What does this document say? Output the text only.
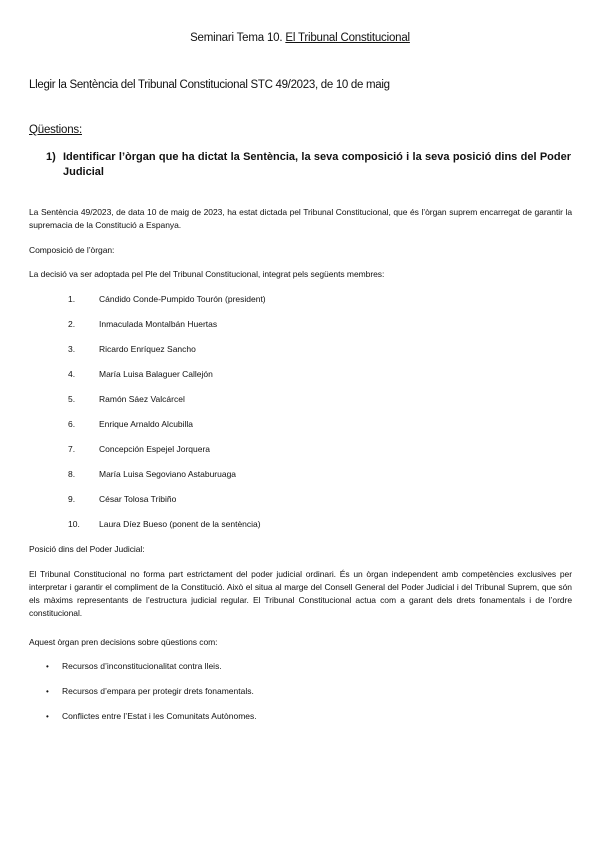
Seminari Tema 10. El Tribunal Constitucional
Llegir la Sentència del Tribunal Constitucional STC 49/2023, de 10 de maig
Qüestions:
1) Identificar l’òrgan que ha dictat la Sentència, la seva composició i la seva posició dins del Poder Judicial
La Sentència 49/2023, de data 10 de maig de 2023, ha estat dictada pel Tribunal Constitucional, que és l’òrgan suprem encarregat de garantir la supremacia de la Constitució a Espanya.
Composició de l’òrgan:
La decisió va ser adoptada pel Ple del Tribunal Constitucional, integrat pels següents membres:
1.	Cándido Conde-Pumpido Tourón (president)
2.	Inmaculada Montalbán Huertas
3.	Ricardo Enríquez Sancho
4.	María Luisa Balaguer Callejón
5.	Ramón Sáez Valcárcel
6.	Enrique Arnaldo Alcubilla
7.	Concepción Espejel Jorquera
8.	María Luisa Segoviano Astaburuaga
9.	César Tolosa Tribiño
10. Laura Díez Bueso (ponent de la sentència)
Posició dins del Poder Judicial:
El Tribunal Constitucional no forma part estrictament del poder judicial ordinari. És un òrgan independent amb competències exclusives per interpretar i garantir el compliment de la Constitució. Això el situa al marge del Consell General del Poder Judicial i del Tribunal Suprem, que són els màxims representants de l’estructura judicial regular. El Tribunal Constitucional actua com a garant dels drets fonamentals i de l’ordre constitucional.
Aquest òrgan pren decisions sobre qüestions com:
• Recursos d’inconstitucionalitat contra lleis.
• Recursos d’empara per protegir drets fonamentals.
• Conflictes entre l’Estat i les Comunitats Autònomes.
